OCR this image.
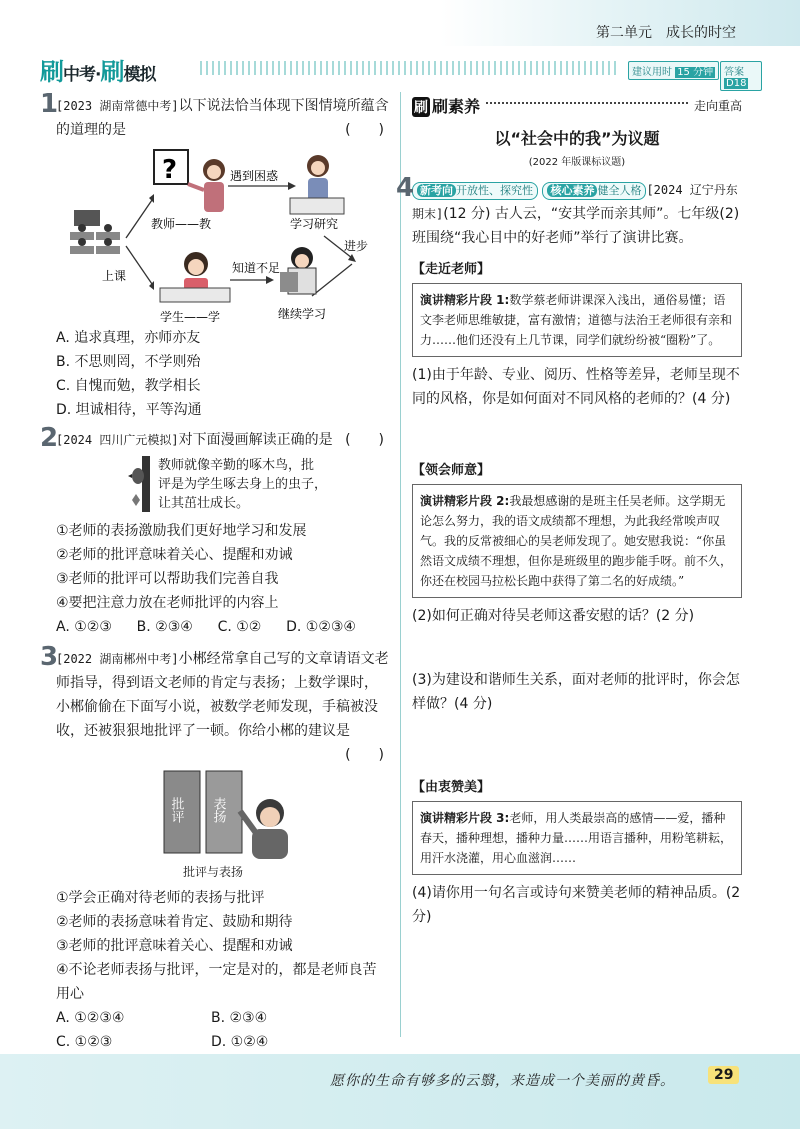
第二单元　成长的时空
刷中考·刷模拟	建议用时 15 分钟	答案 D18
1
[2023 湖南常德中考]以下说法恰当体现下图情境所蕴含的道理的是	(　　)
?
教师——教
遇到困惑
学习研究
上课
进步
学生——学
知道不足
继续学习
A. 追求真理，亦师亦友
B. 不思则罔，不学则殆
C. 自愧而勉，教学相长
D. 坦诚相待，平等沟通
2
[2024 四川广元模拟]对下面漫画解读正确的是 (　　)
教师就像辛勤的啄木鸟，批
评是为学生啄去身上的虫子，
让其茁壮成长。
①老师的表扬激励我们更好地学习和发展
②老师的批评意味着关心、提醒和劝诫
③老师的批评可以帮助我们完善自我
④要把注意力放在老师批评的内容上
A. ①②③ B. ②③④ C. ①② D. ①②③④
3
[2022 湖南郴州中考]小郴经常拿自己写的文章请语文老师指导，得到语文老师的肯定与表扬；上数学课时，小郴偷偷在下面写小说，被数学老师发现，手稿被没收，还被狠狠地批评了一顿。你给小郴的建议是
(　　)
批评 表扬
批评与表扬
①学会正确对待老师的表扬与批评
②老师的表扬意味着肯定、鼓励和期待
③老师的批评意味着关心、提醒和劝诫
④不论老师表扬与批评，一定是对的，都是老师良苦用心
A. ①②③④	B. ②③④
C. ①②③	D. ①②④
刷 刷素养	走向重高
以“社会中的我”为议题
(2022 年版课标议题)
4 新考向 开放性、探究性 核心素养 健全人格 [2024 辽宁丹东期末](12 分) 古人云，“安其学而亲其师”。七年级(2)班围绕“我心目中的好老师”举行了演讲比赛。
【走近老师】
演讲精彩片段 1:数学蔡老师讲课深入浅出，通俗易懂；语文李老师思维敏捷，富有激情；道德与法治王老师很有亲和力……他们还没有上几节课，同学们就纷纷被“圈粉”了。
(1)由于年龄、专业、阅历、性格等差异，老师呈现不同的风格，你是如何面对不同风格的老师的？(4 分)
【领会师意】
演讲精彩片段 2:我最想感谢的是班主任吴老师。这学期无论怎么努力，我的语文成绩都不理想，为此我经常唉声叹气。我的反常被细心的吴老师发现了。她安慰我说：“你虽然语文成绩不理想，但你是班级里的跑步能手呀。前不久，你还在校园马拉松长跑中获得了第二名的好成绩。”
(2)如何正确对待吴老师这番安慰的话？(2 分)
(3)为建设和谐师生关系，面对老师的批评时，你会怎样做？(4 分)
【由衷赞美】
演讲精彩片段 3:老师，用人类最崇高的感情——爱，播种春天，播种理想，播种力量……用语言播种，用粉笔耕耘，用汗水浇灌，用心血滋润……
(4)请你用一句名言或诗句来赞美老师的精神品质。(2 分)
愿你的生命有够多的云翳，来造成一个美丽的黄昏。	29
